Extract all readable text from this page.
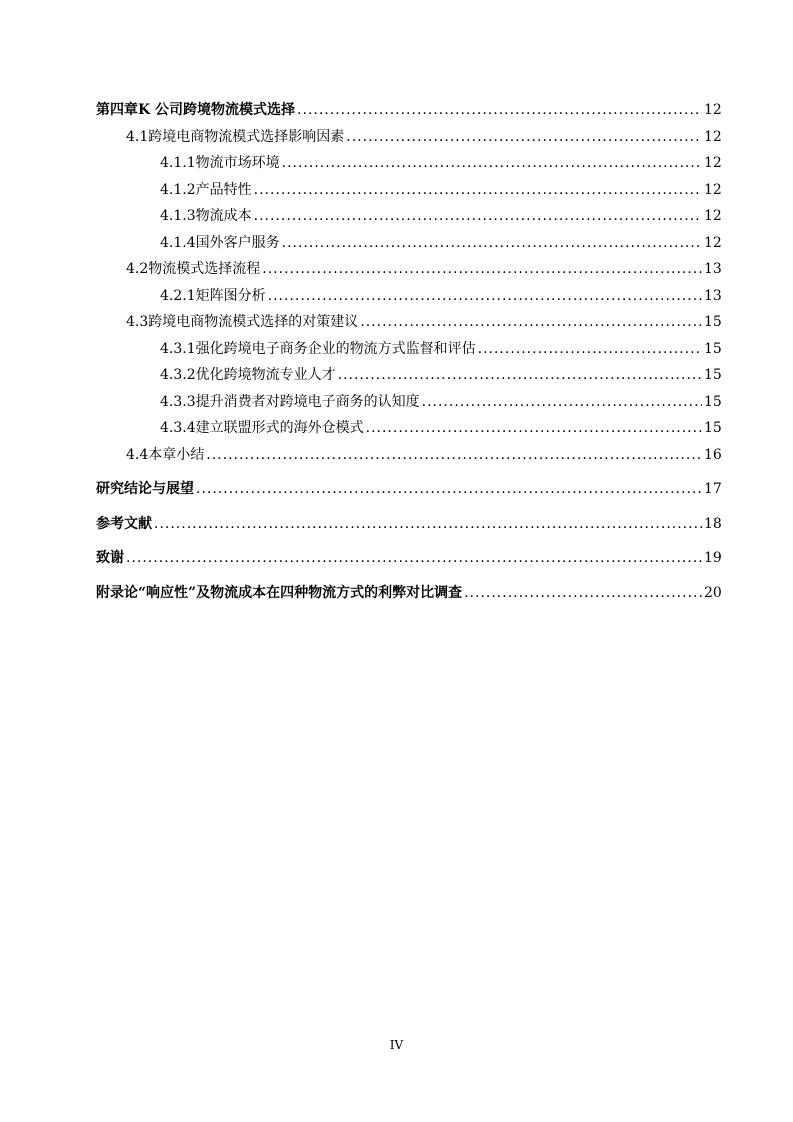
第四章 K 公司跨境物流模式选择 .....	12
4.1 跨境电商物流模式选择影响因素 .....	12
4.1.1 物流市场环境 .....	12
4.1.2 产品特性 .....	12
4.1.3 物流成本 .....	12
4.1.4 国外客户服务 .....	12
4.2 物流模式选择流程 .....	13
4.2.1 矩阵图分析 .....	13
4.3 跨境电商物流模式选择的对策建议 .....	15
4.3.1 强化跨境电子商务企业的物流方式监督和评估 .....	15
4.3.2 优化跨境物流专业人才 .....	15
4.3.3 提升消费者对跨境电子商务的认知度 .....	15
4.3.4 建立联盟形式的海外仓模式 .....	15
4.4 本章小结 .....	16
研究结论与展望 .....	17
参考文献 .....	18
致谢 .....	19
附录 论“响应性”及物流成本在四种物流方式的利弊对比调查 .....	20
IV
